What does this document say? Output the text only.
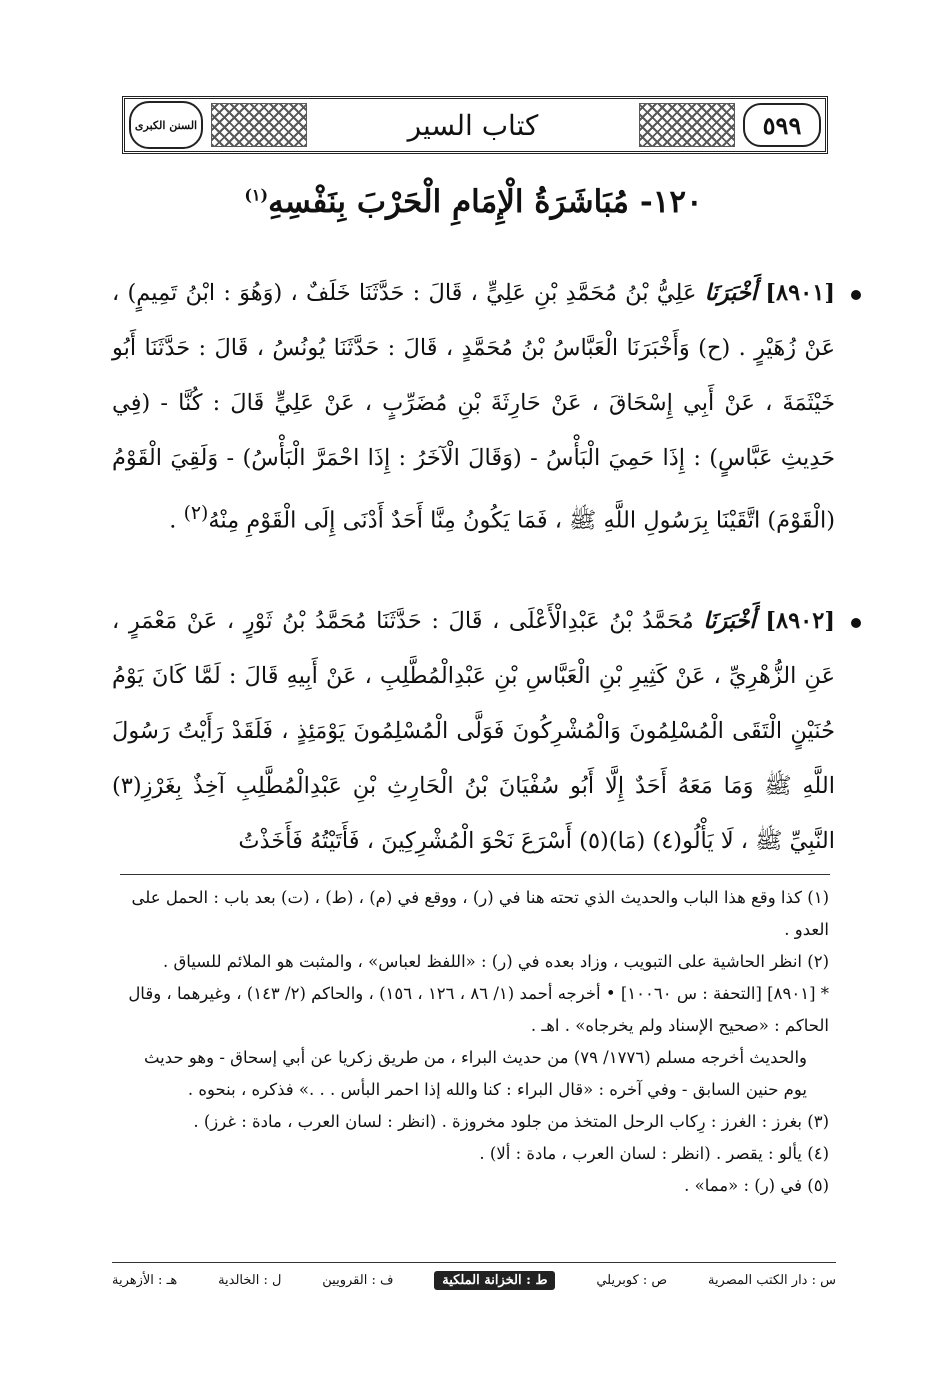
السنن الكبرى	كتاب السير	٥٩٩
١٢٠- مُبَاشَرَةُ الْإِمَامِ الْحَرْبَ بِنَفْسِهِ$^{(١)}$
[٨٩٠١] أَخْبَرَنَا عَلِيُّ بْنُ مُحَمَّدِ بْنِ عَلِيٍّ ، قَالَ : حَدَّثَنَا خَلَفٌ ، (وَهُوَ : ابْنُ تَمِيمٍ) ، عَنْ زُهَيْرٍ . (ح) وَأَخْبَرَنَا الْعَبَّاسُ بْنُ مُحَمَّدٍ ، قَالَ : حَدَّثَنَا يُونُسُ ، قَالَ : حَدَّثَنَا أَبُو خَيْثَمَةَ ، عَنْ أَبِي إِسْحَاقَ ، عَنْ حَارِثَةَ بْنِ مُضَرِّبٍ ، عَنْ عَلِيٍّ قَالَ : كُنَّا - (فِي حَدِيثِ عَبَّاسٍ) : إِذَا حَمِيَ الْبَأْسُ - (وَقَالَ الْآخَرُ : إِذَا احْمَرَّ الْبَأْسُ) - وَلَقِيَ الْقَوْمُ (الْقَوْمَ) اتَّقَيْنَا بِرَسُولِ اللَّهِ ﷺ ، فَمَا يَكُونُ مِنَّا أَحَدٌ أَدْنَى إِلَى الْقَوْمِ مِنْهُ$^{(٢)}$ .
[٨٩٠٢] أَخْبَرَنَا مُحَمَّدُ بْنُ عَبْدِالْأَعْلَى ، قَالَ : حَدَّثَنَا مُحَمَّدُ بْنُ ثَوْرٍ ، عَنْ مَعْمَرٍ ، عَنِ الزُّهْرِيِّ ، عَنْ كَثِيرِ بْنِ الْعَبَّاسِ بْنِ عَبْدِالْمُطَّلِبِ ، عَنْ أَبِيهِ قَالَ : لَمَّا كَانَ يَوْمُ حُنَيْنٍ الْتَقَى الْمُسْلِمُونَ وَالْمُشْرِكُونَ فَوَلَّى الْمُسْلِمُونَ يَوْمَئِذٍ ، فَلَقَدْ رَأَيْتُ رَسُولَ اللَّهِ ﷺ وَمَا مَعَهُ أَحَدٌ إِلَّا أَبُو سُفْيَانَ بْنُ الْحَارِثِ بْنِ عَبْدِالْمُطَّلِبِ آخِذٌ بِغَرْزِ(٣) النَّبِيِّ ﷺ ، لَا يَأْلُو(٤) (مَا)(٥) أَسْرَعَ نَحْوَ الْمُشْرِكِينَ ، فَأَتَيْتُهُ فَأَخَذْتُ

(١) كذا وقع هذا الباب والحديث الذي تحته هنا في (ر) ، ووقع في (م) ، (ط) ، (ت) بعد باب : الحمل على العدو .

(٢) انظر الحاشية على التبويب ، وزاد بعده في (ر) : «اللفظ لعباس» ، والمثبت هو الملائم للسياق .

* [٨٩٠١] [التحفة : س ١٠٠٦٠] • أخرجه أحمد (١/ ٨٦ ، ١٢٦ ، ١٥٦) ، والحاكم (٢/ ١٤٣) ، وغيرهما ، وقال الحاكم : «صحيح الإسناد ولم يخرجاه» . اهـ .

والحديث أخرجه مسلم (١٧٧٦/ ٧٩) من حديث البراء ، من طريق زكريا عن أبي إسحاق - وهو حديث يوم حنين السابق - وفي آخره : «قال البراء : كنا والله إذا احمر البأس . . .» فذكره ، بنحوه .

(٣) بغرز : الغرز : رِكاب الرحل المتخذ من جلود مخروزة . (انظر : لسان العرب ، مادة : غرز) .

(٤) يألو : يقصر . (انظر : لسان العرب ، مادة : ألا) .

(٥) في (ر) : «مما» .

س : دار الكتب المصرية
ص : كوبريلي
ط : الخزانة الملكية
ف : القرويين
ل : الخالدية
هـ : الأزهرية
